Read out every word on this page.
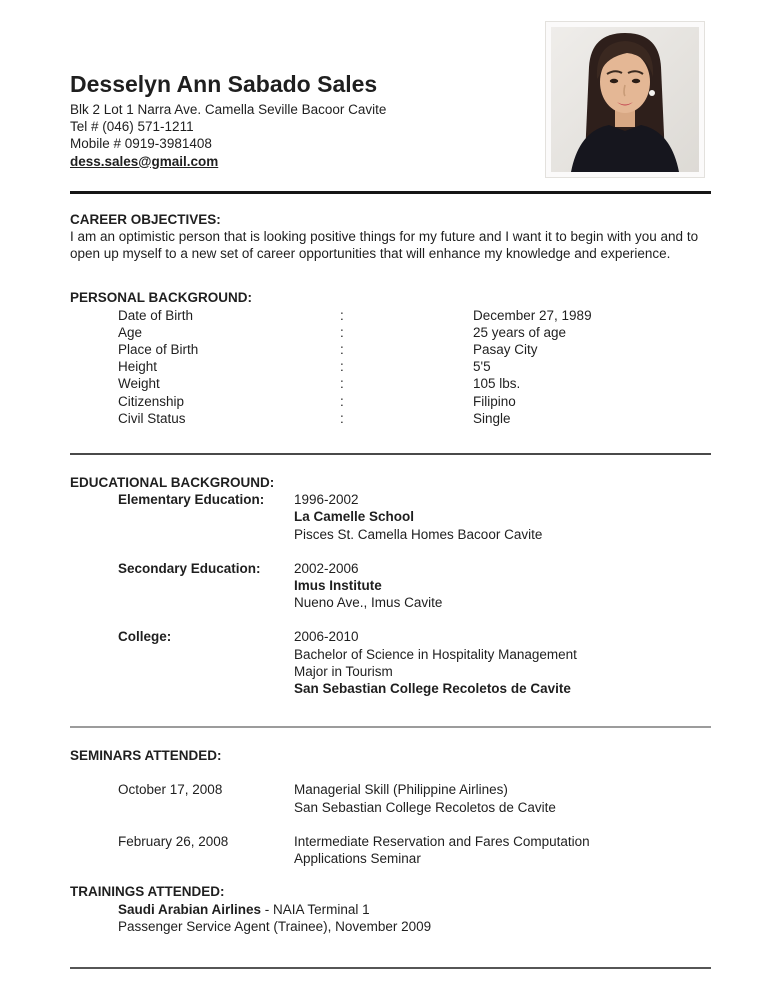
Desselyn Ann Sabado Sales
Blk 2 Lot 1 Narra Ave. Camella Seville Bacoor Cavite
Tel # (046) 571-1211
Mobile # 0919-3981408
dess.sales@gmail.com
CAREER OBJECTIVES:
I am an optimistic person that is looking positive things for my future and I want it to begin with you and to open up myself to a new set of career opportunities that will enhance my knowledge and experience.
PERSONAL BACKGROUND:
Date of Birth	:	December 27, 1989
Age	:	25 years of age
Place of Birth	:	Pasay City
Height	:	5'5
Weight	:	105 lbs.
Citizenship	:	Filipino
Civil Status	:	Single
EDUCATIONAL BACKGROUND:
Elementary Education:	1996-2002
La Camelle School
Pisces St. Camella Homes Bacoor Cavite
Secondary Education:	2002-2006
Imus Institute
Nueno Ave., Imus Cavite
College:	2006-2010
Bachelor of Science in Hospitality Management
Major in Tourism
San Sebastian College Recoletos de Cavite
SEMINARS ATTENDED:
October 17, 2008	Managerial Skill (Philippine Airlines)
San Sebastian College Recoletos de Cavite
February 26, 2008	Intermediate Reservation and Fares Computation
Applications Seminar
TRAININGS ATTENDED:
Saudi Arabian Airlines - NAIA Terminal 1
Passenger Service Agent (Trainee), November 2009
